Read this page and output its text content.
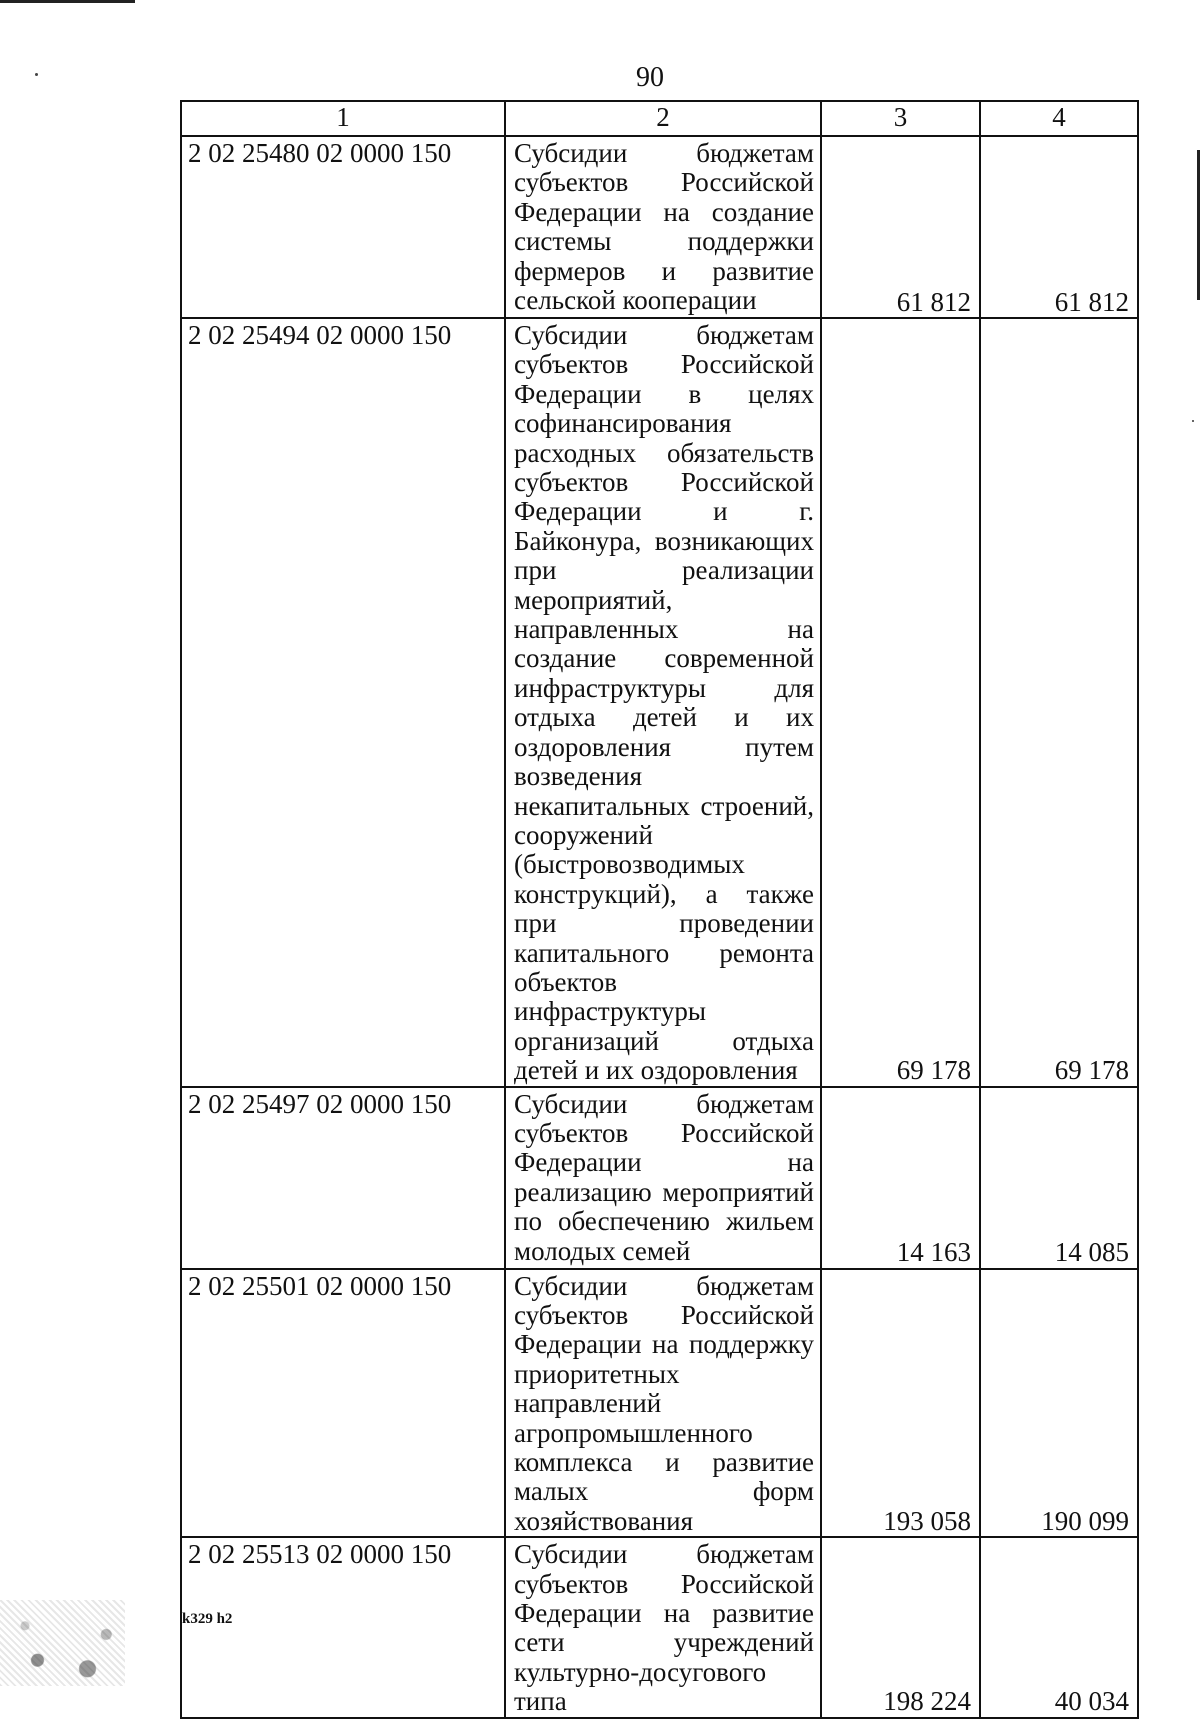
90
1	2	3	4
2 02 25480 02 0000 150	Субсидии бюджетам субъектов Российской Федерации на создание системы поддержки фермеров и развитие сельской кооперации	61 812	61 812
2 02 25494 02 0000 150	Субсидии бюджетам субъектов Российской Федерации в целях софинансирования расходных обязательств субъектов Российской Федерации и г. Байконура, возникающих при реализации мероприятий, направленных на создание современной инфраструктуры для отдыха детей и их оздоровления путем возведения некапитальных строений, сооружений (быстровозводимых конструкций), а также при проведении капитального ремонта объектов инфраструктуры организаций отдыха детей и их оздоровления	69 178	69 178
2 02 25497 02 0000 150	Субсидии бюджетам субъектов Российской Федерации на реализацию мероприятий по обеспечению жильем молодых семей	14 163	14 085
2 02 25501 02 0000 150	Субсидии бюджетам субъектов Российской Федерации на поддержку приоритетных направлений агропромышленного комплекса и развитие малых форм хозяйствования	193 058	190 099
2 02 25513 02 0000 150	Субсидии бюджетам субъектов Российской Федерации на развитие сети учреждений культурно-досугового типа	198 224	40 034
k329 h2
